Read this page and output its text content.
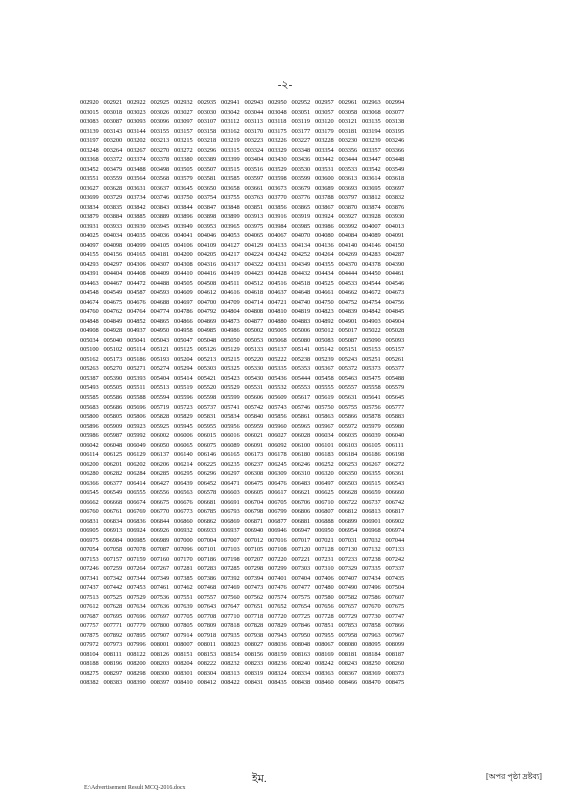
-২-
002920 002921 002922 002925 002932 002935 002941 002943 002950 002952 002957 002961 002963 002994
003015 003018 003023 003026 003027 003030 003042 003044 003048 003051 003057 003058 003068 003077
003083 003087 003093 003096 003097 003107 003112 003113 003118 003119 003120 003121 003135 003138
003139 003143 003144 003155 003157 003158 003162 003170 003175 003177 003179 003181 003194 003195
003197 003200 003202 003213 003215 003218 003219 003223 003226 003227 003228 003230 003239 003246
003248 003264 003267 003270 003272 003296 003315 003324 003329 003348 003354 003356 003357 003366
003368 003372 003374 003378 003380 003389 003399 003404 003430 003436 003442 003444 003447 003448
003452 003479 003488 003498 003505 003507 003515 003516 003529 003530 003531 003533 003542 003549
003551 003559 003564 003568 003579 003581 003585 003597 003598 003599 003600 003613 003614 003618
003627 003628 003631 003637 003645 003650 003658 003661 003673 003679 003689 003693 003695 003697
003699 003729 003734 003746 003750 003754 003755 003763 003770 003776 003788 003797 003812 003832
003834 003835 003842 003843 003844 003847 003848 003851 003856 003865 003867 003870 003874 003876
003879 003884 003885 003889 003896 003898 003899 003913 003916 003919 003924 003927 003928 003930
003931 003933 003939 003945 003949 003953 003965 003975 003984 003985 003986 003992 004007 004013
004025 004034 004035 004036 004041 004046 004053 004065 004067 004070 004080 004084 004089 004091
004097 004098 004099 004105 004106 004109 004127 004129 004133 004134 004136 004140 004146 004150
004155 004156 004165 004181 004200 004205 004217 004224 004242 004252 004264 004269 004283 004287
004293 004297 004306 004307 004308 004316 004317 004322 004331 004349 004355 004370 004378 004390
004391 004404 004408 004409 004410 004416 004419 004423 004428 004432 004434 004444 004450 004461
004463 004467 004472 004488 004505 004508 004511 004512 004516 004518 004525 004533 004544 004546
004548 004549 004587 004593 004609 004612 004616 004618 004637 004648 004661 004662 004672 004673
004674 004675 004676 004688 004697 004700 004709 004714 004721 004740 004750 004752 004754 004756
004760 004762 004764 004774 004786 004792 004804 004808 004810 004819 004823 004839 004842 004845
004848 004849 004852 004865 004866 004869 004873 004877 004880 004883 004892 004901 004903 004904
004908 004928 004937 004950 004958 004985 004986 005002 005005 005006 005012 005017 005022 005028
005034 005040 005041 005043 005047 005048 005050 005053 005068 005080 005083 005087 005090 005093
005100 005102 005114 005121 005125 005126 005129 005133 005137 005141 005142 005151 005153 005157
005162 005173 005186 005193 005204 005213 005215 005220 005222 005238 005239 005243 005251 005261
005263 005270 005271 005274 005294 005303 005325 005330 005335 005353 005367 005372 005373 005377
005387 005390 005393 005404 005414 005421 005423 005430 005436 005444 005458 005463 005475 005488
005493 005505 005511 005513 005519 005520 005529 005531 005532 005553 005555 005557 005558 005579
005585 005586 005588 005594 005596 005598 005599 005606 005609 005617 005619 005631 005641 005645
005683 005686 005696 005719 005723 005737 005741 005742 005743 005746 005750 005755 005756 005777
005800 005805 005806 005828 005829 005831 005834 005840 005856 005861 005863 005866 005878 005883
005896 005909 005923 005925 005945 005955 005956 005959 005960 005965 005967 005972 005979 005980
005986 005987 005992 006002 006006 006015 006016 006021 006027 006028 006034 006035 006039 006040
006042 006048 006049 006050 006065 006075 006089 006091 006092 006100 006101 006103 006105 006111
006114 006125 006129 006137 006140 006146 006165 006173 006178 006180 006183 006184 006186 006198
006200 006201 006202 006206 006214 006225 006235 006237 006245 006246 006252 006253 006267 006272
006280 006282 006284 006285 006295 006296 006297 006308 006309 006310 006320 006350 006355 006361
006366 006377 006414 006427 006439 006452 006471 006475 006476 006483 006497 006503 006515 006543
006545 006549 006555 006556 006563 006578 006603 006605 006617 006621 006625 006628 006659 006660
006662 006668 006674 006675 006676 006681 006691 006704 006705 006706 006710 006722 006737 006742
006760 006761 006769 006770 006773 006785 006793 006798 006799 006806 006807 006812 006813 006817
006831 006834 006836 006844 006860 006862 006869 006871 006877 006881 006888 006899 006901 006902
006905 006913 006924 006926 006932 006933 006937 006940 006946 006947 006950 006954 006968 006974
006975 006984 006985 006989 007000 007004 007007 007012 007016 007017 007021 007031 007032 007044
007054 007058 007078 007087 007096 007101 007103 007105 007108 007120 007128 007130 007132 007133
007153 007157 007159 007160 007170 007186 007198 007207 007220 007221 007231 007233 007238 007242
007246 007259 007264 007267 007281 007283 007285 007298 007299 007303 007310 007329 007335 007337
007341 007342 007344 007349 007385 007386 007392 007394 007401 007404 007406 007407 007434 007435
007437 007442 007453 007461 007462 007468 007469 007473 007476 007477 007480 007490 007496 007504
007513 007525 007529 007536 007551 007557 007560 007562 007574 007575 007580 007582 007586 007607
007612 007628 007634 007636 007639 007643 007647 007651 007652 007654 007656 007657 007670 007675
007687 007695 007696 007697 007705 007708 007710 007718 007720 007725 007728 007729 007730 007747
007757 007771 007779 007800 007805 007809 007818 007828 007829 007846 007851 007853 007858 007866
007875 007892 007895 007907 007914 007918 007935 007938 007943 007950 007955 007958 007963 007967
007972 007973 007996 008001 008007 008011 008023 008027 008036 008048 008067 008080 008095 008099
008104 008111 008122 008126 008151 008153 008154 008156 008159 008163 008169 008181 008184 008187
008188 008196 008200 008203 008204 008222 008232 008233 008236 008240 008242 008243 008250 008260
008275 008297 008298 008300 008301 008304 008313 008319 008324 008334 008363 008367 008369 008373
008382 008383 008390 008397 008410 008412 008422 008431 008435 008438 008460 008466 008470 008475
ইম.
E:\Advertisement Result MCQ-2016.docx
[অপর পৃষ্ঠা দ্রষ্টব্য]
